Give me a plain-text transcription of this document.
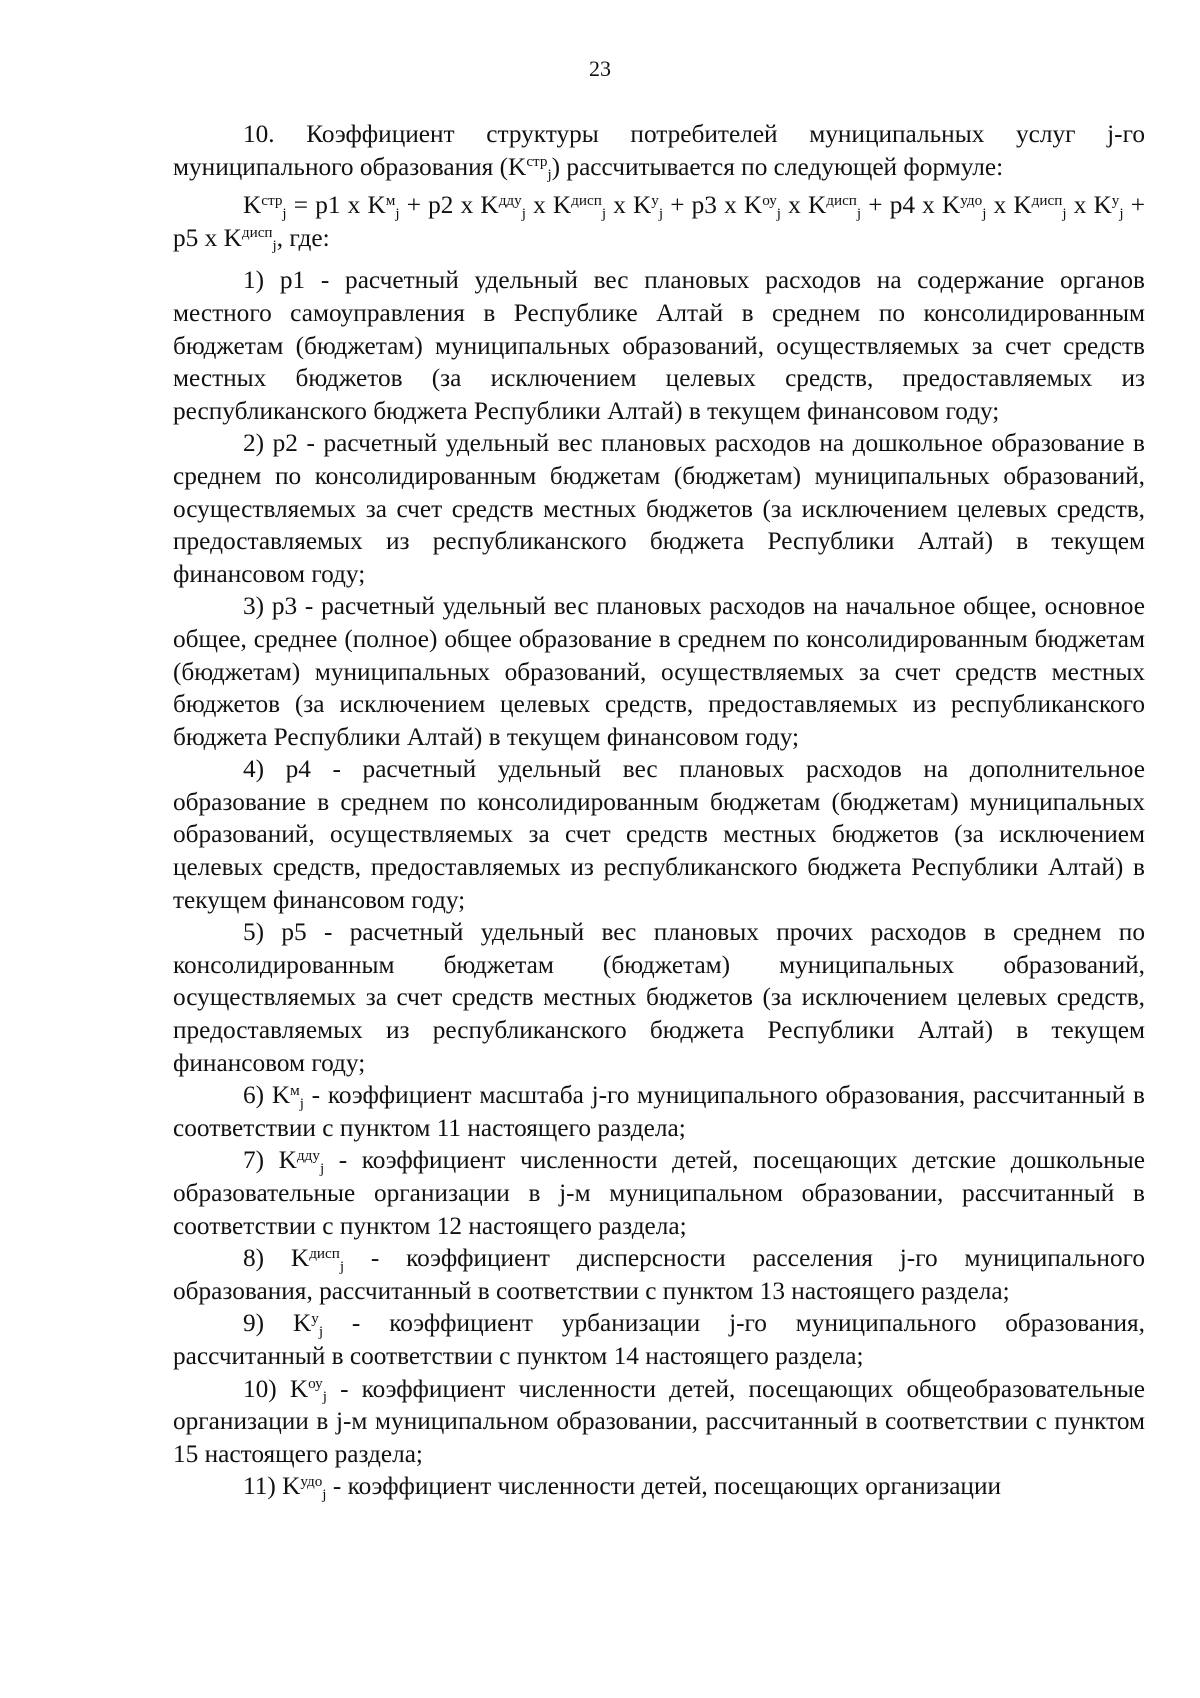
23

10. Коэффициент структуры потребителей муниципальных услуг j-го муниципального образования $(K^{стр}_j)$ рассчитывается по следующей формуле:

$K^{стр}_j = p1$ x $K^м_j + p2$ x $K^{дду}_j$ x $K^{дисп}_j$ x $K^у_j + p3$ x $K^{оу}_j$ x $K^{дисп}_j + p4$ x $K^{удо}_j$ x $K^{дисп}_j$ x $K^у_j + p5$ x $K^{дисп}_j$, где:

1) p1 - расчетный удельный вес плановых расходов на содержание органов местного самоуправления в Республике Алтай в среднем по консолидированным бюджетам (бюджетам) муниципальных образований, осуществляемых за счет средств местных бюджетов (за исключением целевых средств, предоставляемых из республиканского бюджета Республики Алтай) в текущем финансовом году;

2) p2 - расчетный удельный вес плановых расходов на дошкольное образование в среднем по консолидированным бюджетам (бюджетам) муниципальных образований, осуществляемых за счет средств местных бюджетов (за исключением целевых средств, предоставляемых из республиканского бюджета Республики Алтай) в текущем финансовом году;

3) p3 - расчетный удельный вес плановых расходов на начальное общее, основное общее, среднее (полное) общее образование в среднем по консолидированным бюджетам (бюджетам) муниципальных образований, осуществляемых за счет средств местных бюджетов (за исключением целевых средств, предоставляемых из республиканского бюджета Республики Алтай) в текущем финансовом году;

4) p4 - расчетный удельный вес плановых расходов на дополнительное образование в среднем по консолидированным бюджетам (бюджетам) муниципальных образований, осуществляемых за счет средств местных бюджетов (за исключением целевых средств, предоставляемых из республиканского бюджета Республики Алтай) в текущем финансовом году;

5) p5 - расчетный удельный вес плановых прочих расходов в среднем по консолидированным бюджетам (бюджетам) муниципальных образований, осуществляемых за счет средств местных бюджетов (за исключением целевых средств, предоставляемых из республиканского бюджета Республики Алтай) в текущем финансовом году;

6) $K^м_j$ - коэффициент масштаба j-го муниципального образования, рассчитанный в соответствии с пунктом 11 настоящего раздела;

7) $K^{дду}_j$ - коэффициент численности детей, посещающих детские дошкольные образовательные организации в j-м муниципальном образовании, рассчитанный в соответствии с пунктом 12 настоящего раздела;

8) $K^{дисп}_j$ - коэффициент дисперсности расселения j-го муниципального образования, рассчитанный в соответствии с пунктом 13 настоящего раздела;

9) $K^у_j$ - коэффициент урбанизации j-го муниципального образования, рассчитанный в соответствии с пунктом 14 настоящего раздела;

10) $K^{оу}_j$ - коэффициент численности детей, посещающих общеобразовательные организации в j-м муниципальном образовании, рассчитанный в соответствии с пунктом 15 настоящего раздела;

11) $K^{удо}_j$ - коэффициент численности детей, посещающих организации
